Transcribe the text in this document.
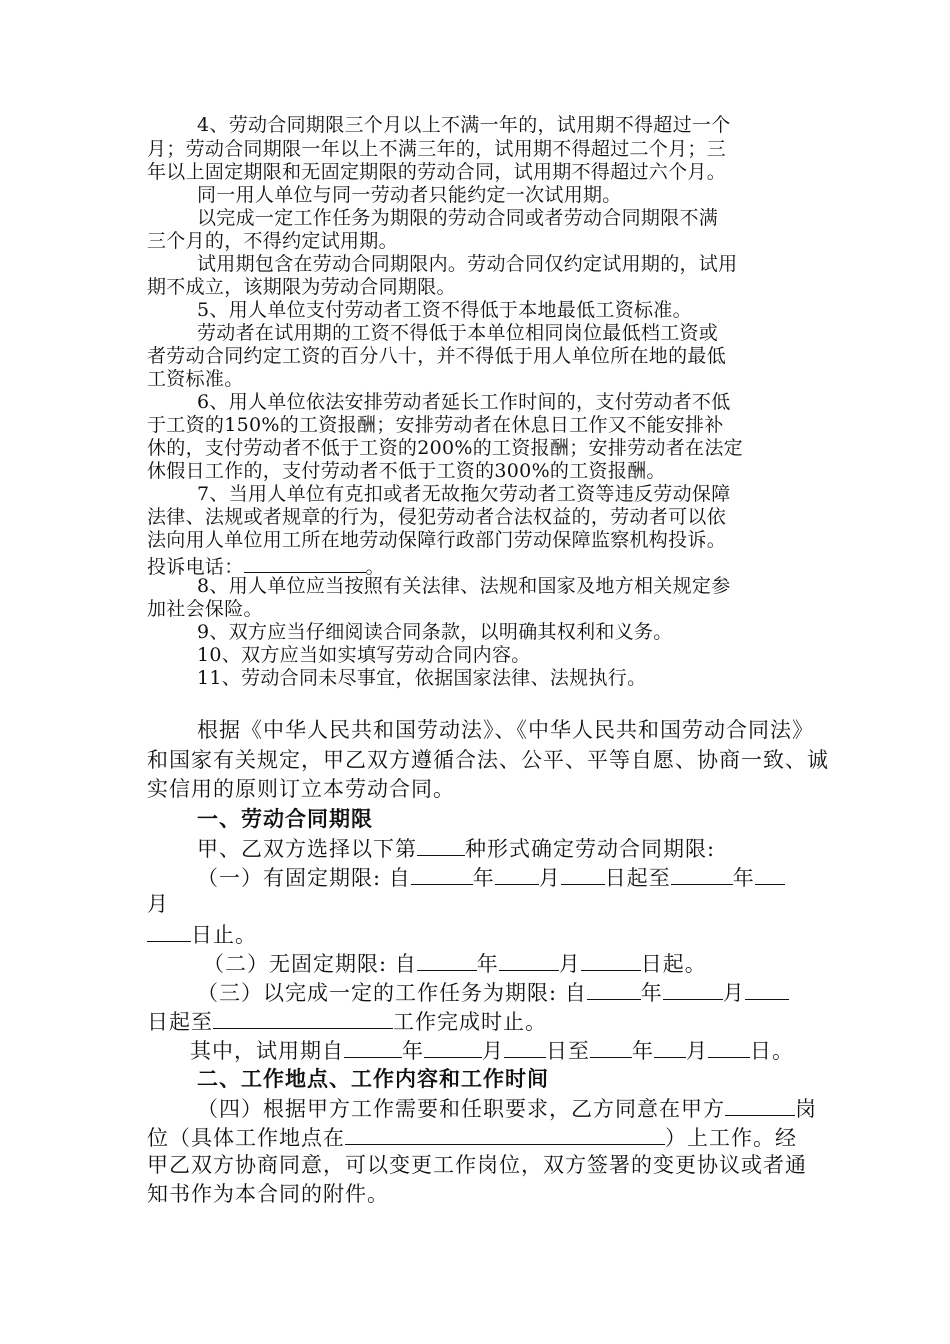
4、劳动合同期限三个月以上不满一年的，试用期不得超过一个
月；劳动合同期限一年以上不满三年的，试用期不得超过二个月；三
年以上固定期限和无固定期限的劳动合同，试用期不得超过六个月。
同一用人单位与同一劳动者只能约定一次试用期。
以完成一定工作任务为期限的劳动合同或者劳动合同期限不满
三个月的，不得约定试用期。
试用期包含在劳动合同期限内。劳动合同仅约定试用期的，试用
期不成立，该期限为劳动合同期限。
5、用人单位支付劳动者工资不得低于本地最低工资标准。
劳动者在试用期的工资不得低于本单位相同岗位最低档工资或
者劳动合同约定工资的百分八十，并不得低于用人单位所在地的最低
工资标准。
6、用人单位依法安排劳动者延长工作时间的，支付劳动者不低
于工资的150%的工资报酬；安排劳动者在休息日工作又不能安排补
休的，支付劳动者不低于工资的200%的工资报酬；安排劳动者在法定
休假日工作的，支付劳动者不低于工资的300%的工资报酬。
7、当用人单位有克扣或者无故拖欠劳动者工资等违反劳动保障
法律、法规或者规章的行为，侵犯劳动者合法权益的，劳动者可以依
法向用人单位用工所在地劳动保障行政部门劳动保障监察机构投诉。
投诉电话：	。
8、用人单位应当按照有关法律、法规和国家及地方相关规定参
加社会保险。
9、双方应当仔细阅读合同条款，以明确其权利和义务。
10、双方应当如实填写劳动合同内容。
11、劳动合同未尽事宜，依据国家法律、法规执行。
根据《中华人民共和国劳动法》、《中华人民共和国劳动合同法》
和国家有关规定，甲乙双方遵循合法、公平、平等自愿、协商一致、诚
实信用的原则订立本劳动合同。
一、劳动合同期限
甲、乙双方选择以下第 种形式确定劳动合同期限:
（一）有固定期限: 自	年 月 日起至	年
月
日止。
（二）无固定期限: 自	年	月	日起。
（三）以完成一定的工作任务为期限: 自	年	月
日起至	工作完成时止。
其中，试用期自	年	月 日至 年 月 日。
二、工作地点、工作内容和工作时间
（四）根据甲方工作需要和任职要求，乙方同意在甲方	岗
位（具体工作地点在	）上工作。经
甲乙双方协商同意，可以变更工作岗位，双方签署的变更协议或者通
知书作为本合同的附件。
